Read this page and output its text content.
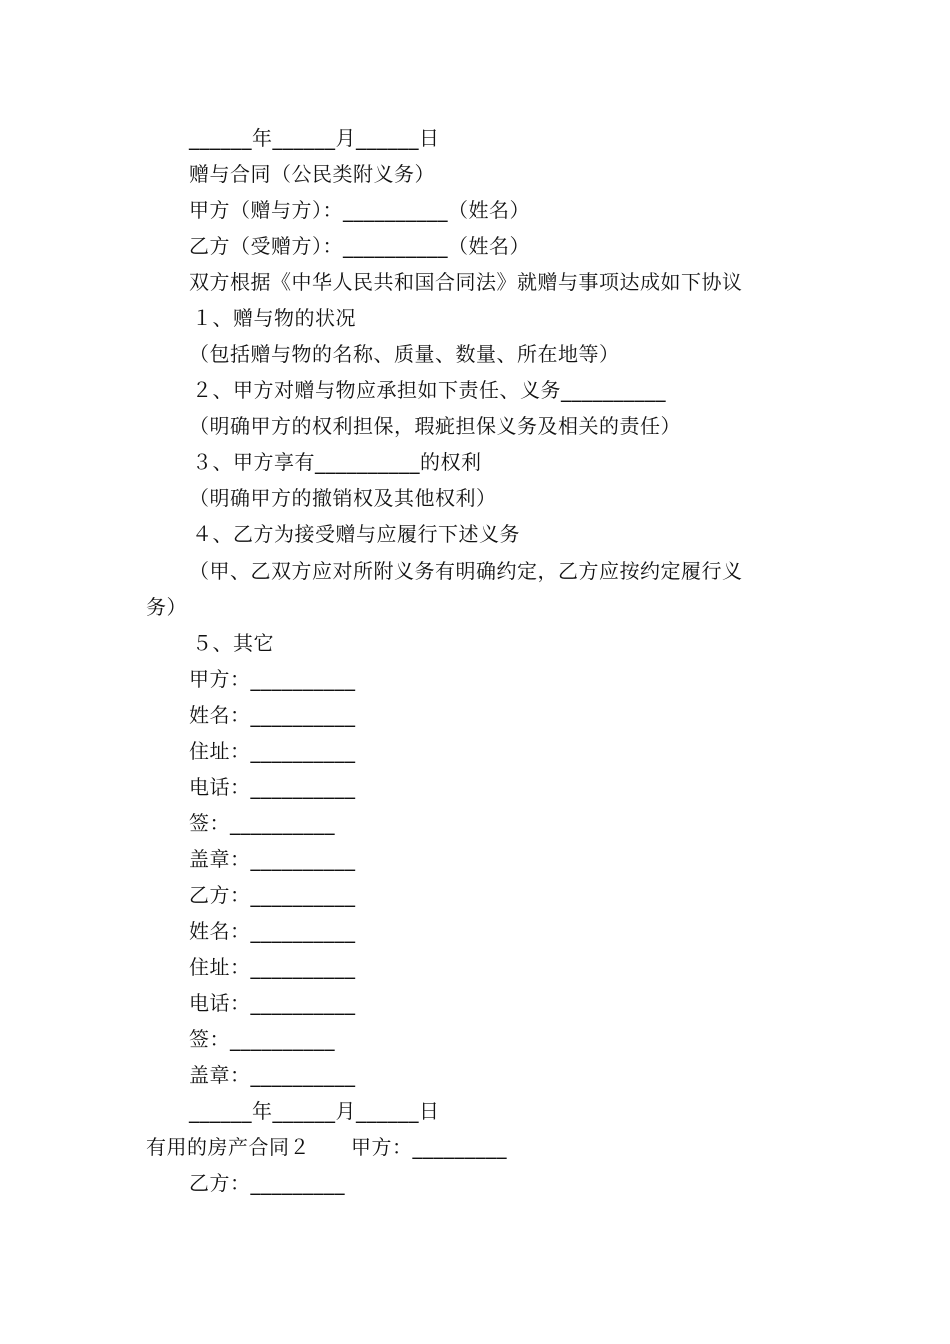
______年______月______日
赠与合同（公民类附义务）
甲方（赠与方）：__________（姓名）
乙方（受赠方）：__________（姓名）
双方根据《中华人民共和国合同法》就赠与事项达成如下协议
１、赠与物的状况
（包括赠与物的名称、质量、数量、所在地等）
２、甲方对赠与物应承担如下责任、义务__________
（明确甲方的权利担保，瑕疵担保义务及相关的责任）
３、甲方享有__________的权利
（明确甲方的撤销权及其他权利）
４、乙方为接受赠与应履行下述义务
（甲、乙双方应对所附义务有明确约定，乙方应按约定履行义
务）
５、其它
甲方：__________
姓名：__________
住址：__________
电话：__________
签：__________
盖章：__________
乙方：__________
姓名：__________
住址：__________
电话：__________
签：__________
盖章：__________
______年______月______日
有用的房产合同２　　甲方：_________
乙方：_________
